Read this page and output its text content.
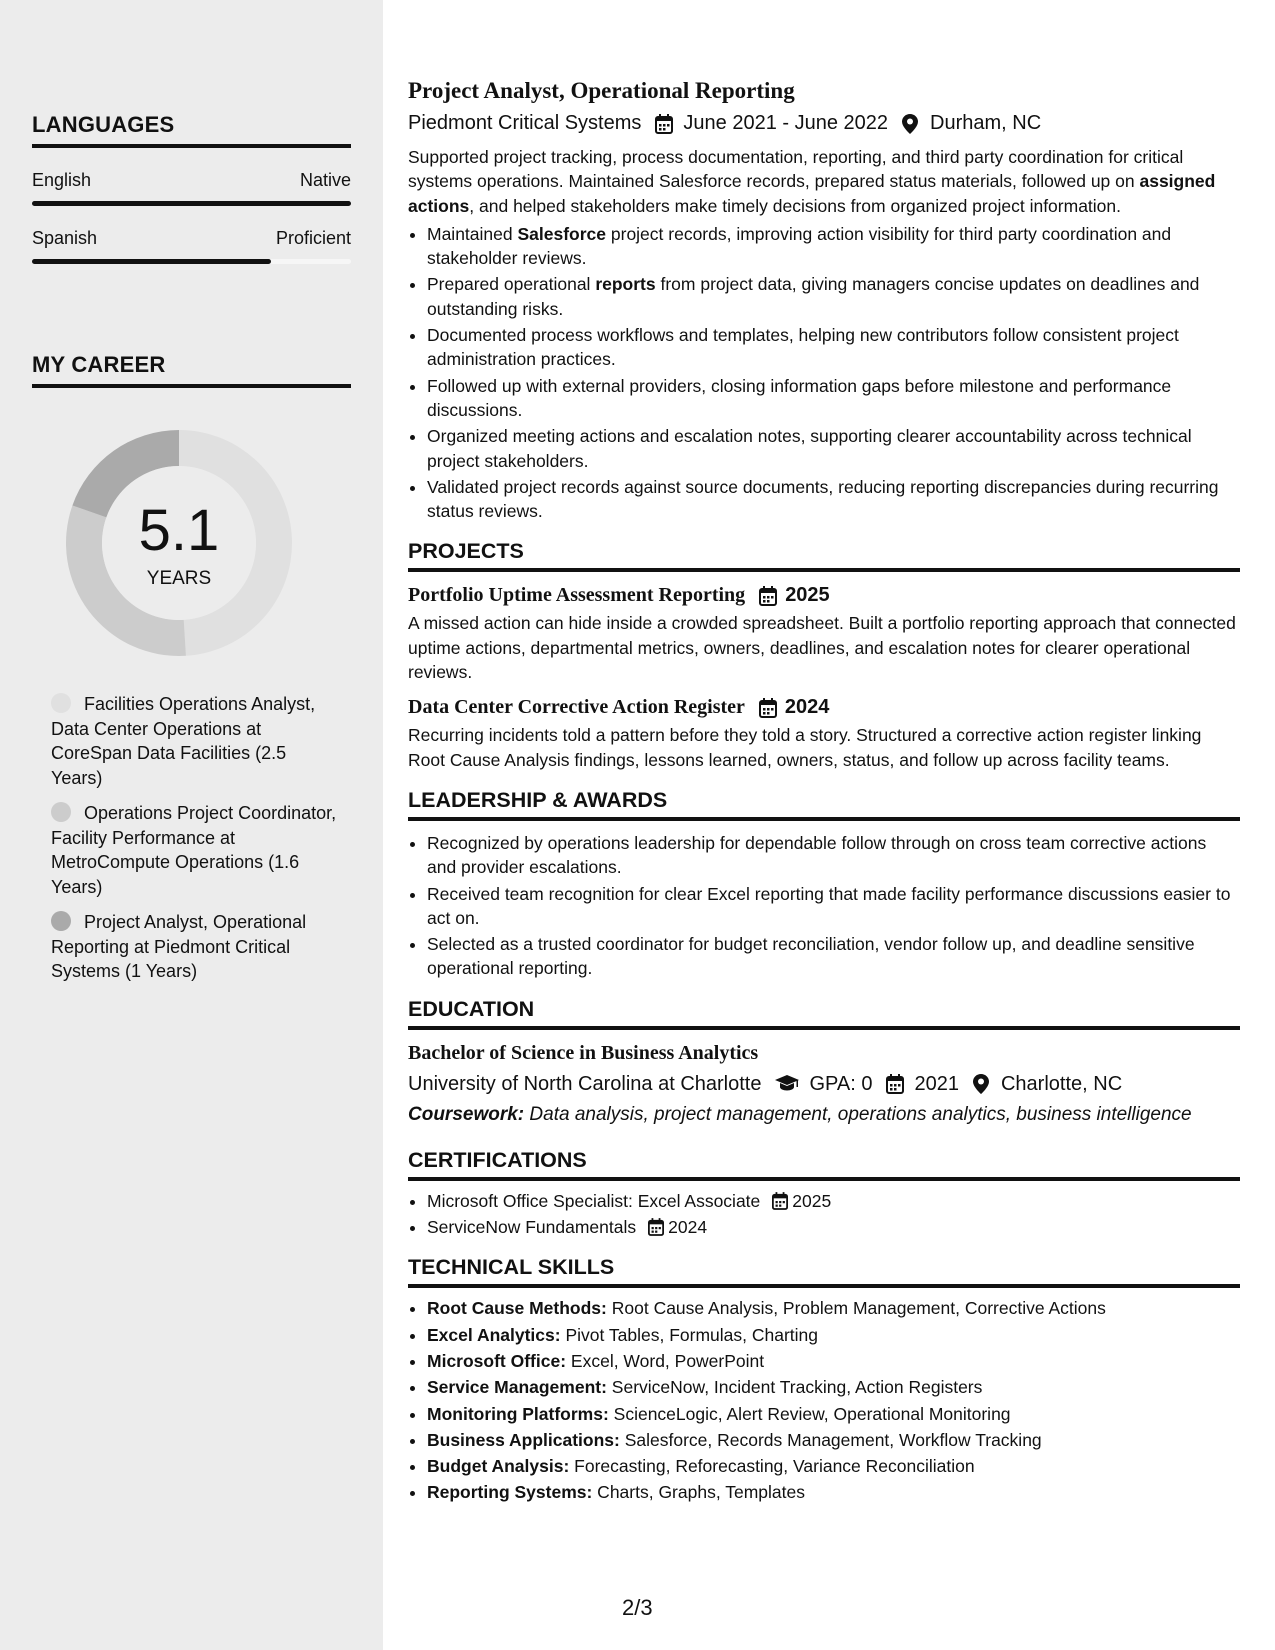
LANGUAGES
English	Native
Spanish	Proficient
MY CAREER
5.1
YEARS
Facilities Operations Analyst, Data Center Operations at CoreSpan Data Facilities (2.5 Years)
Operations Project Coordinator, Facility Performance at MetroCompute Operations (1.6 Years)
Project Analyst, Operational Reporting at Piedmont Critical Systems (1 Years)
Project Analyst, Operational Reporting
Piedmont Critical Systems June 2021 - June 2022 Durham, NC

Supported project tracking, process documentation, reporting, and third party coordination for critical systems operations. Maintained Salesforce records, prepared status materials, followed up on assigned actions, and helped stakeholders make timely decisions from organized project information.

• Maintained Salesforce project records, improving action visibility for third party coordination and stakeholder reviews.
• Prepared operational reports from project data, giving managers concise updates on deadlines and outstanding risks.
• Documented process workflows and templates, helping new contributors follow consistent project administration practices.
• Followed up with external providers, closing information gaps before milestone and performance discussions.
• Organized meeting actions and escalation notes, supporting clearer accountability across technical project stakeholders.
• Validated project records against source documents, reducing reporting discrepancies during recurring status reviews.
PROJECTS
Portfolio Uptime Assessment Reporting 2025

A missed action can hide inside a crowded spreadsheet. Built a portfolio reporting approach that connected uptime actions, departmental metrics, owners, deadlines, and escalation notes for clearer operational reviews.

Data Center Corrective Action Register 2024

Recurring incidents told a pattern before they told a story. Structured a corrective action register linking Root Cause Analysis findings, lessons learned, owners, status, and follow up across facility teams.

LEADERSHIP & AWARDS
• Recognized by operations leadership for dependable follow through on cross team corrective actions and provider escalations.
• Received team recognition for clear Excel reporting that made facility performance discussions easier to act on.
• Selected as a trusted coordinator for budget reconciliation, vendor follow up, and deadline sensitive operational reporting.
EDUCATION
Bachelor of Science in Business Analytics
University of North Carolina at Charlotte GPA: 0 2021 Charlotte, NC
Coursework: Data analysis, project management, operations analytics, business intelligence
CERTIFICATIONS
• Microsoft Office Specialist: Excel Associate 2025
• ServiceNow Fundamentals 2024
TECHNICAL SKILLS
• Root Cause Methods: Root Cause Analysis, Problem Management, Corrective Actions
• Excel Analytics: Pivot Tables, Formulas, Charting
• Microsoft Office: Excel, Word, PowerPoint
• Service Management: ServiceNow, Incident Tracking, Action Registers
• Monitoring Platforms: ScienceLogic, Alert Review, Operational Monitoring
• Business Applications: Salesforce, Records Management, Workflow Tracking
• Budget Analysis: Forecasting, Reforecasting, Variance Reconciliation
• Reporting Systems: Charts, Graphs, Templates
2/3
